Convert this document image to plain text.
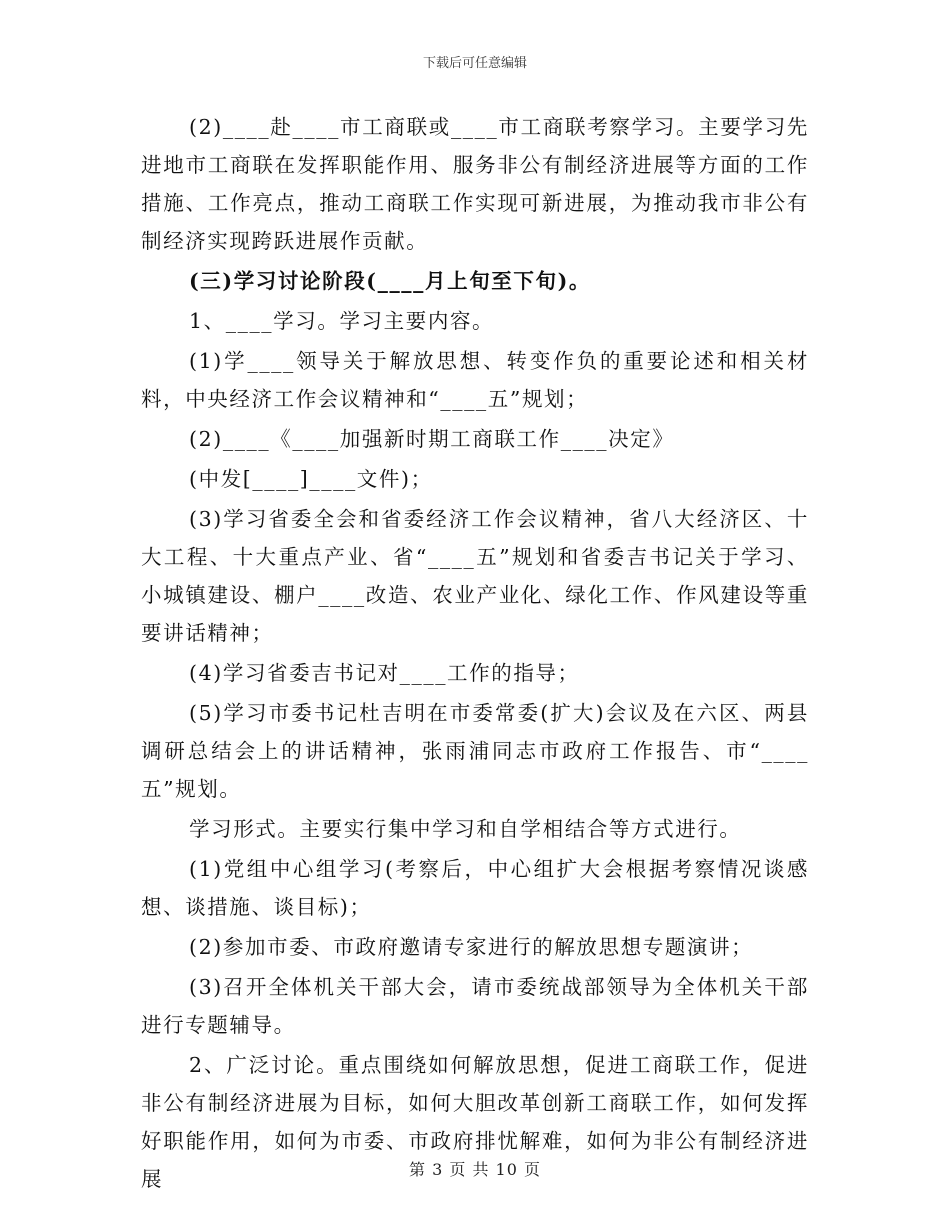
下载后可任意编辑

(2)____赴____市工商联或____市工商联考察学习。主要学习先进地市工商联在发挥职能作用、服务非公有制经济进展等方面的工作措施、工作亮点，推动工商联工作实现可新进展，为推动我市非公有制经济实现跨跃进展作贡献。

(三)学习讨论阶段(____月上旬至下旬)。

1、____学习。学习主要内容。

(1)学____领导关于解放思想、转变作负的重要论述和相关材料，中央经济工作会议精神和“____五”规划；

(2)____《____加强新时期工商联工作____决定》

(中发[____]____文件)；

(3)学习省委全会和省委经济工作会议精神，省八大经济区、十大工程、十大重点产业、省“____五”规划和省委吉书记关于学习、小城镇建设、棚户____改造、农业产业化、绿化工作、作风建设等重要讲话精神；

(4)学习省委吉书记对____工作的指导；

(5)学习市委书记杜吉明在市委常委(扩大)会议及在六区、两县调研总结会上的讲话精神，张雨浦同志市政府工作报告、市“____五”规划。

学习形式。主要实行集中学习和自学相结合等方式进行。

(1)党组中心组学习(考察后，中心组扩大会根据考察情况谈感想、谈措施、谈目标)；

(2)参加市委、市政府邀请专家进行的解放思想专题演讲；

(3)召开全体机关干部大会，请市委统战部领导为全体机关干部进行专题辅导。

2、广泛讨论。重点围绕如何解放思想，促进工商联工作，促进非公有制经济进展为目标，如何大胆改革创新工商联工作，如何发挥好职能作用，如何为市委、市政府排忧解难，如何为非公有制经济进展	第 3 页 共 10 页
